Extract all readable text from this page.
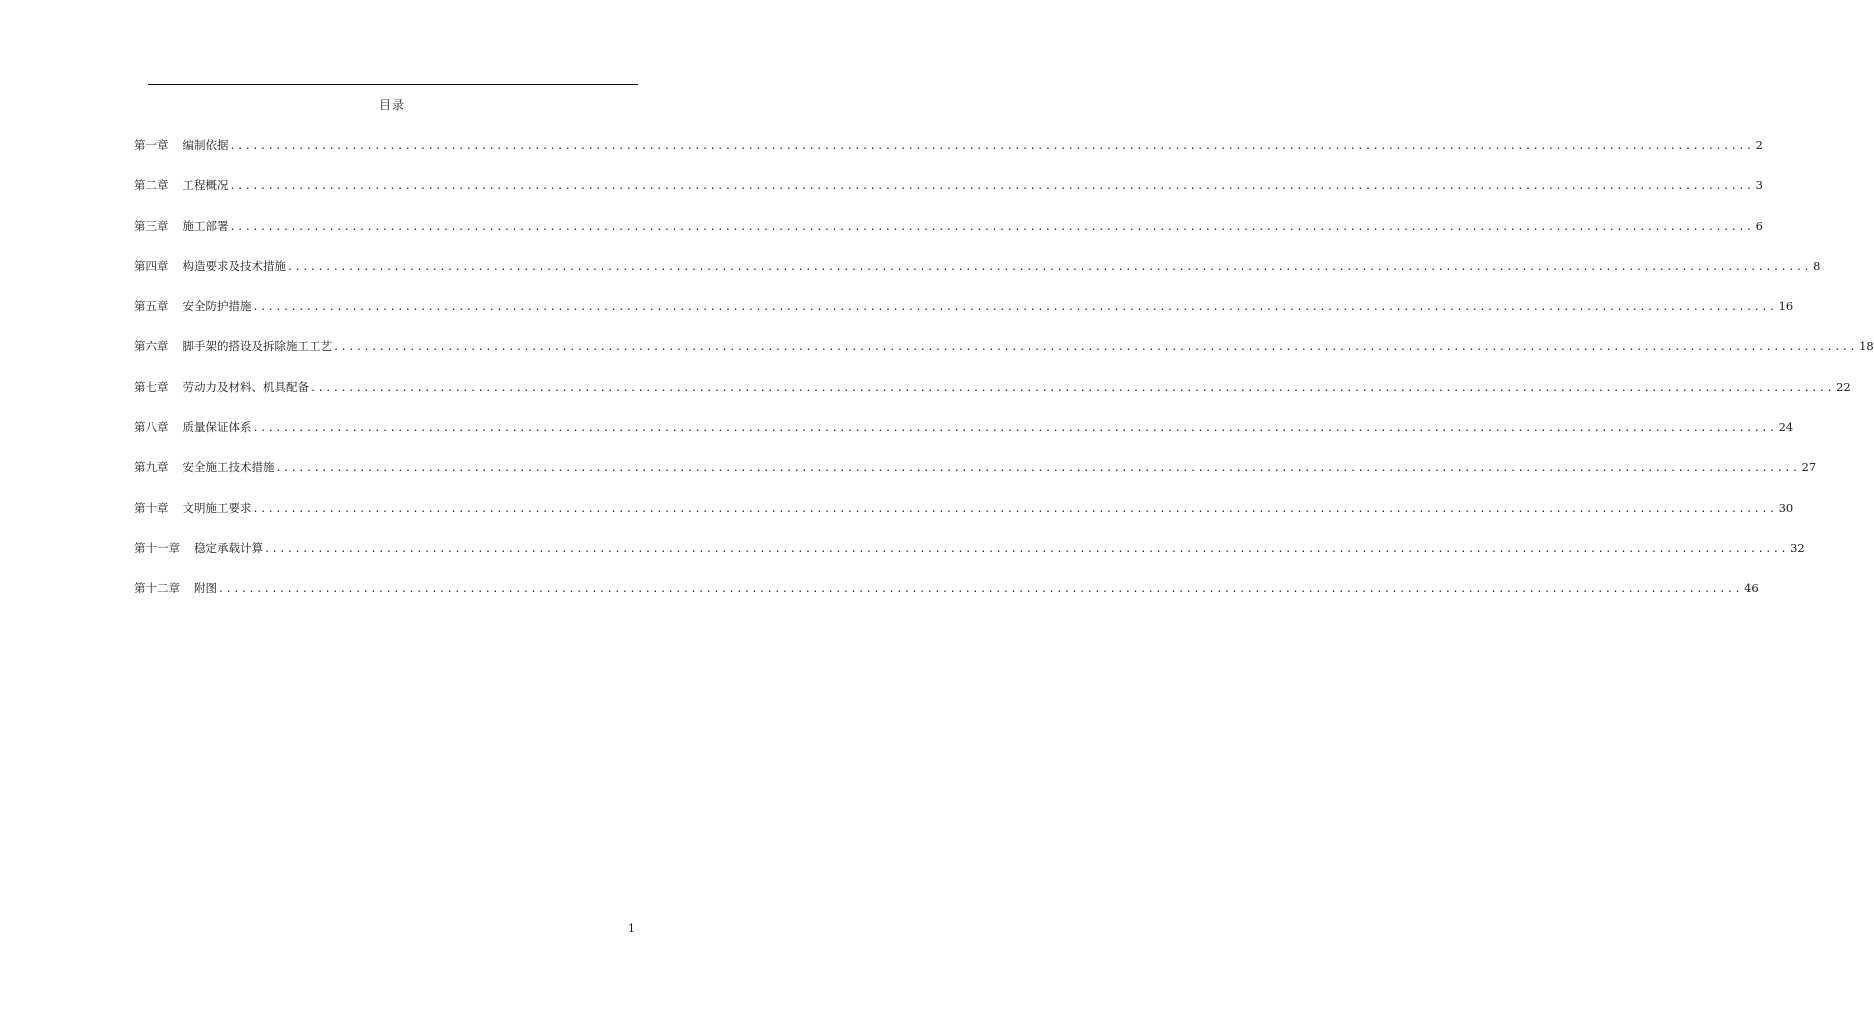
目录
第一章 编制依据 ........................................................................................................................................................................................................ 2
第二章 工程概况 ........................................................................................................................................................................................................ 3
第三章 施工部署 ........................................................................................................................................................................................................ 6
第四章 构造要求及技术措施 ........................................................................................................................................................................................................ 8
第五章 安全防护措施 ........................................................................................................................................................................................................ 16
第六章 脚手架的搭设及拆除施工工艺 ........................................................................................................................................................................................................ 18
第七章 劳动力及材料、机具配备 ........................................................................................................................................................................................................ 22
第八章 质量保证体系 ........................................................................................................................................................................................................ 24
第九章 安全施工技术措施 ........................................................................................................................................................................................................ 27
第十章 文明施工要求 ........................................................................................................................................................................................................ 30
第十一章 稳定承载计算 ........................................................................................................................................................................................................ 32
第十二章 附图 ........................................................................................................................................................................................................ 46
1
